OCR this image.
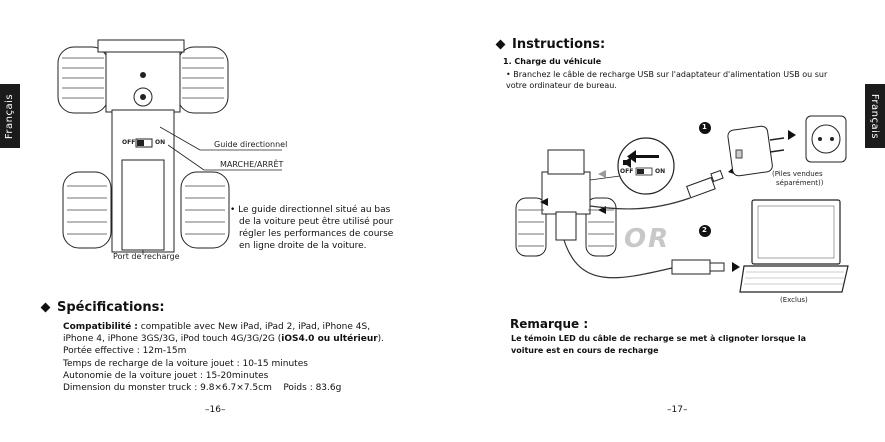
Français
OFF	ON	Guide directionnel
MARCHE/ARRÊT
Port de recharge
• Le guide directionnel situé au bas
de la voiture peut être utilisé pour
régler les performances de course
en ligne droite de la voiture.
Spécifications:
Compatibilité : compatible avec New iPad, iPad 2, iPad, iPhone 4S,
iPhone 4, iPhone 3GS/3G, iPod touch 4G/3G/2G (iOS4.0 ou ultérieur).
Portée effective : 12m-15m
Temps de recharge de la voiture jouet : 10-15 minutes
Autonomie de la voiture jouet : 15-20minutes
Dimension du monster truck : 9.8×6.7×7.5cm Poids : 83.6g
–16–
Français
Instructions:
1. Charge du véhicule
• Branchez le câble de recharge USB sur l'adaptateur d'alimentation USB ou sur votre ordinateur de bureau.
1
2
OFF	ON
OR
(Piles vendues
séparément))
(Exclus)
Remarque :
Le témoin LED du câble de recharge se met à clignoter lorsque la voiture est en cours de recharge
–17–
